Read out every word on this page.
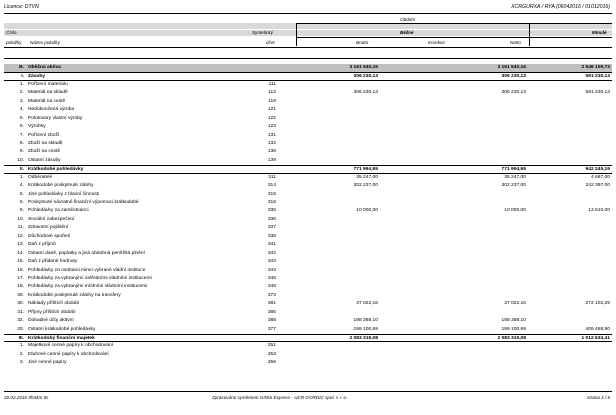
Licence: DTVN	XCRGURXA / RYA (06042016 / 01012016)
Období
Běžné	Minulé
Číslo
položky Název položky
Syntetický
účet	Brutto	Korekce	Netto
B. Oběžná aktiva	3 161 540,16	3 161 540,16	2 546 109,73
I. Zásoby	306 230,13	306 230,13	591 230,13
1. Pořízení materiálu	111
2. Materiál na skladě	112	306 230,13	306 230,13	591 230,13
3. Materiál na cestě	119
4. Nedokončená výroba	121
5. Polotovary vlastní výroby	122
6. Výrobky	123
7. Pořízení zboží	131
8. Zboží na skladě	132
9. Zboží na cestě	138
10. Ostatní zásoby	139
II. Krátkodobé pohledávky	771 994,95	771 994,95	942 245,19
1. Odběratelé	311	35 247,00	35 247,00	4 667,00
4. Krátkodobé poskytnuté zálohy	314	302 237,00	302 237,00	242 397,00
5. Jiné pohledávky z hlavní činnosti	315
6. Poskytnuté návratné finanční výpomoci krátkodobé	316
9. Pohledávky za zaměstnanci	335	10 000,00	10 000,00	13 610,00
10. Sociální zabezpečení	336
11. Zdravotní pojištění	337
12. Důchodové spoření	338
13. Daň z příjmů	341
14. Ostatní daně, poplatky a jiná obdobná peněžitá plnění	342
15. Daň z přidané hodnoty	343
16. Pohledávky za osobami mimo vybrané vládní instituce	344
17. Pohledávky za vybranými ústředními vládními institucemi	346
18. Pohledávky za vybranými místními vládními institucemi	348
28. Krátkodobé poskytnuté zálohy na transfery	373
30. Náklady příštích období	381	37 022,16	37 022,16	272 102,29
31. Příjmy příštích období	385
32. Dohadné účty aktivní	388	188 388,10	188 388,10
33. Ostatní krátkodobé pohledávky	377	199 100,69	199 100,69	409 468,90
III. Krátkodobý finanční majetek	2 083 315,08	2 083 315,08	1 012 634,41
1. Majetkové cenné papíry k obchodování	251
2. Dluhové cenné papíry k obchodování	253
3. Jiné cenné papíry	256
20.02.2016 9h34m 8s	Zpracováno systémem GINIS Express - UCR GORDIC spol. s r. o.	strana 3 / 6
